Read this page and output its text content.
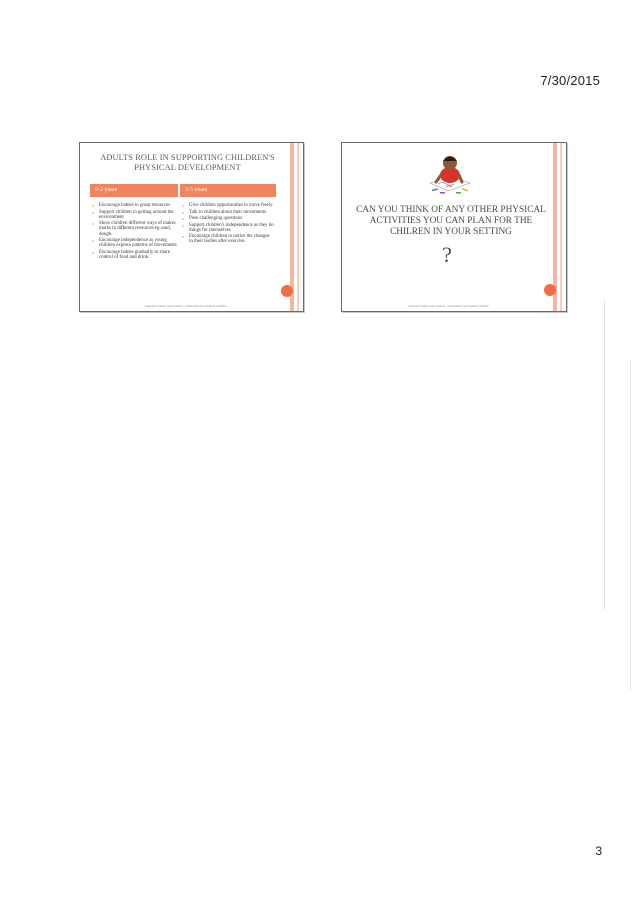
7/30/2015
ADULTS ROLE IN SUPPORTING CHILDREN'S PHYSICAL DEVELOPMENT
0-2 years	3-5 years
o Encourage babies to grasp resources
o Support children in getting around the environment
o Show children different ways of makes marks in different resources eg sand, dough.
o Encourage independence as young children explore patterns of movements
o Encourage babies gradually to share control of food and drink.
o Give children opportunities to move freely.
o Talk to children about their movements.
o Pose challenging questions
o Support children's independence as they do things for themselves
o Encourage children to notice the changes in their bodies after exercise.
Copyright © Early Years Careers - Outstanding Key Products Ltd 2013
CAN YOU THINK OF ANY OTHER PHYSICAL ACTIVITIES YOU CAN PLAN FOR THE CHILREN IN YOUR SETTING
?
Copyright © Early Years Careers - Outstanding Key Products Ltd 2013
3
